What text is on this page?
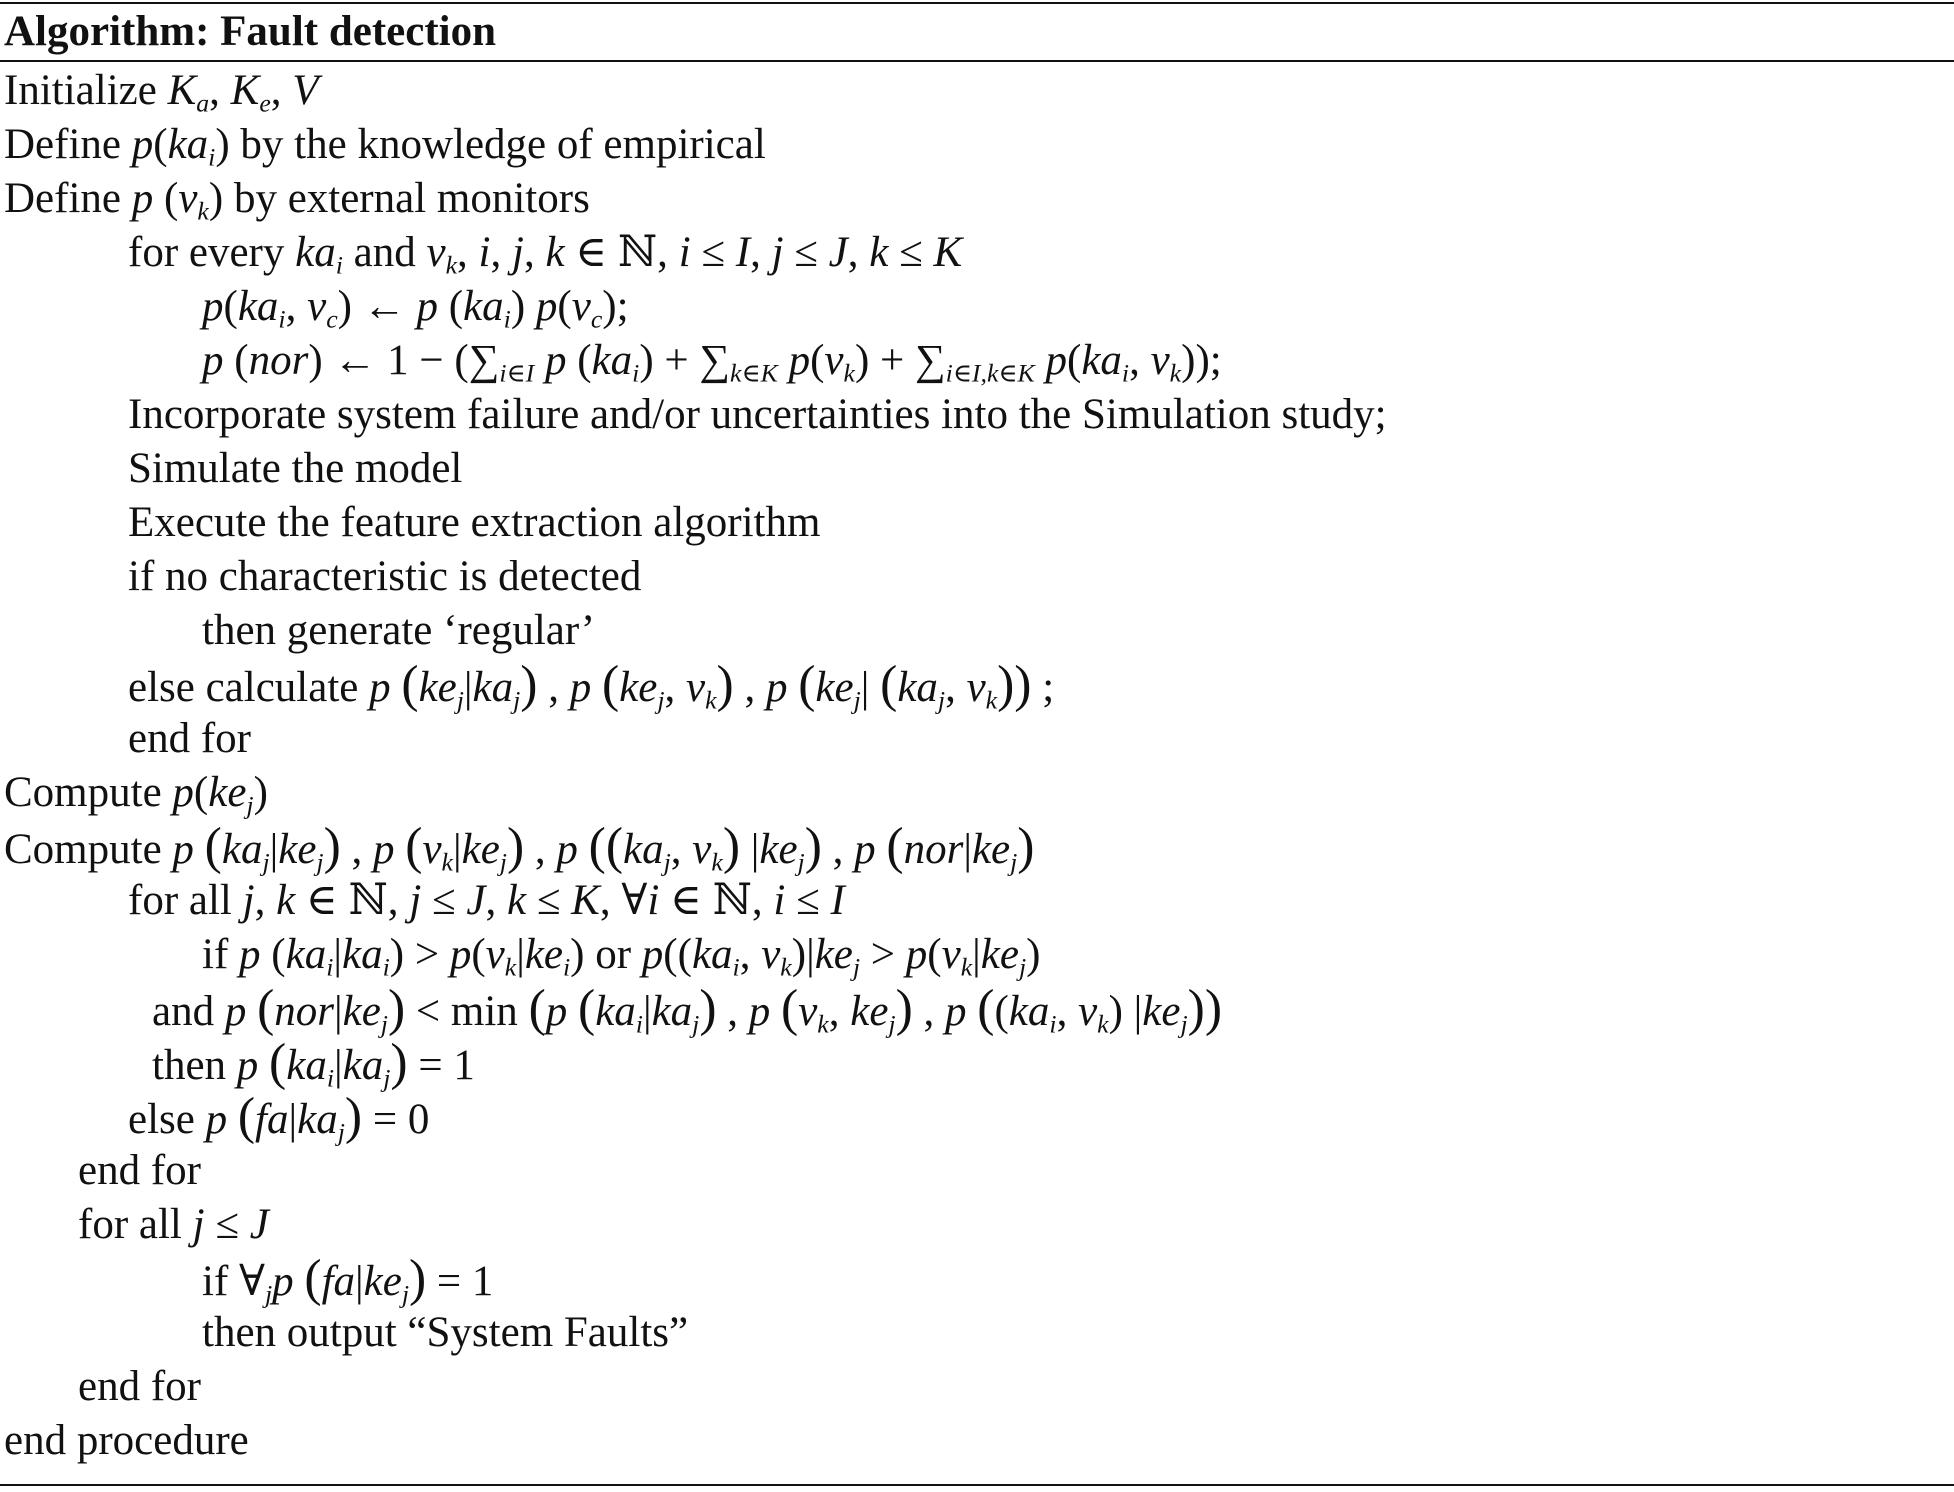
Algorithm: Fault detection
Initialize $K_a$, $K_e$, V
Define $p(ka_i)$ by the knowledge of empirical
Define p $(v_k)$ by external monitors
for every $ka_i$ and $v_k$, i, j, k ∈ ℕ, i ≤ I, j ≤ J, k ≤ K
$p(ka_i$, $v_c$) ← p $(ka_i)$ $p(v_c)$;
p (nor) ← $1 - (\sum_{i\in I}$ p $(ka_i) + \sum_{k\in K}$ $p(v_k) + \sum_{i\in I,k\in K}$ $p(ka_i$, $v_k$));
Incorporate system failure and/or uncertainties into the Simulation study;
Simulate the model
Execute the feature extraction algorithm
if no characteristic is detected
then generate ‘regular’
else calculate p $(ke_j|ka_j)$ , p ($ke_j$, $v_k$) , p ($ke_j|$ ($ka_j$, $v_k$)) ;
end for
Compute $p(ke_j)$
Compute p $(ka_j|ke_j)$ , p $(v_k|ke_j)$ , p (($ka_j$, $v_k$) $|ke_j$) , p $(nor|ke_j)$
for all j, k ∈ ℕ, j ≤ J, k ≤ K, ∀i ∈ ℕ, i ≤ I
if p $(ka_i|ka_i) > p(v_k|ke_i)$ or $p((ka_i$, $v_k)|ke_j > p(v_k|ke_j)$
and p $(nor|ke_j) < \min (p$ $(ka_i|ka_j)$ , p ($v_k$, $ke_j$) , p (($ka_i$, $v_k$) $|ke_j$))
then p $(ka_i|ka_j) = 1$
else p $(fa|ka_j) = 0$
end for
for all j ≤ J
if $\forall_jp$ $(fa|ke_j) = 1$
then output “System Faults”
end for
end procedure
